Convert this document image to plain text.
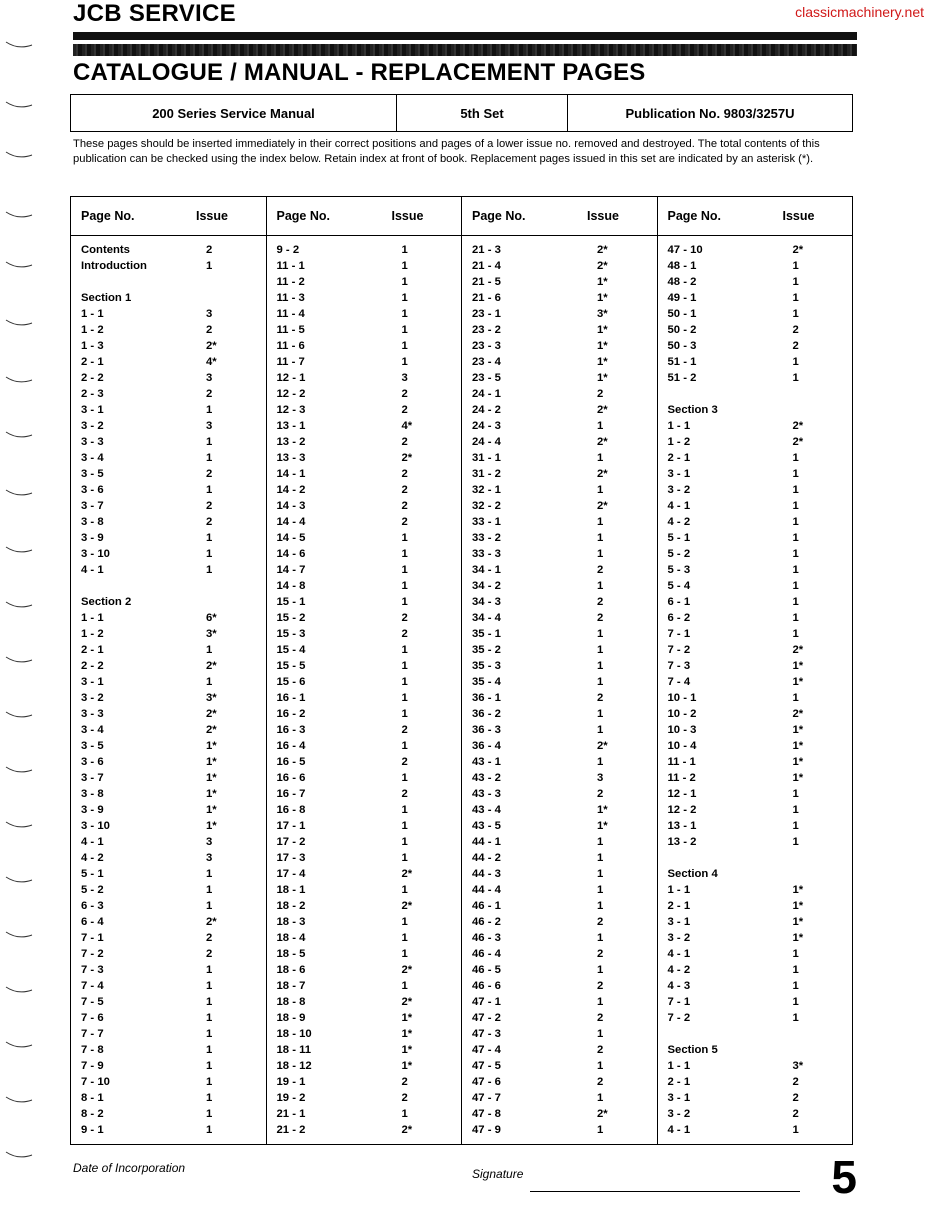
JCB SERVICE	classicmachinery.net
CATALOGUE / MANUAL - REPLACEMENT PAGES
200 Series Service Manual	5th Set	Publication No. 9803/3257U
These pages should be inserted immediately in their correct positions and pages of a lower issue no. removed and destroyed. The total contents of this publication can be checked using the index below. Retain index at front of book. Replacement pages issued in this set are indicated by an asterisk (*).
Page No.	Issue
Contents	2
Introduction	1
Section 1
1 - 1	3
1 - 2	2
1 - 3	2*
2 - 1	4*
2 - 2	3
2 - 3	2
3 - 1	1
3 - 2	3
3 - 3	1
3 - 4	1
3 - 5	2
3 - 6	1
3 - 7	2
3 - 8	2
3 - 9	1
3 - 10	1
4 - 1	1
Section 2
1 - 1	6*
1 - 2	3*
2 - 1	1
2 - 2	2*
3 - 1	1
3 - 2	3*
3 - 3	2*
3 - 4	2*
3 - 5	1*
3 - 6	1*
3 - 7	1*
3 - 8	1*
3 - 9	1*
3 - 10	1*
4 - 1	3
4 - 2	3
5 - 1	1
5 - 2	1
6 - 3	1
6 - 4	2*
7 - 1	2
7 - 2	2
7 - 3	1
7 - 4	1
7 - 5	1
7 - 6	1
7 - 7	1
7 - 8	1
7 - 9	1
7 - 10	1
8 - 1	1
8 - 2	1
9 - 1	1
Page No.	Issue
9 - 2	1
11 - 1	1
11 - 2	1
11 - 3	1
11 - 4	1
11 - 5	1
11 - 6	1
11 - 7	1
12 - 1	3
12 - 2	2
12 - 3	2
13 - 1	4*
13 - 2	2
13 - 3	2*
14 - 1	2
14 - 2	2
14 - 3	2
14 - 4	2
14 - 5	1
14 - 6	1
14 - 7	1
14 - 8	1
15 - 1	1
15 - 2	2
15 - 3	2
15 - 4	1
15 - 5	1
15 - 6	1
16 - 1	1
16 - 2	1
16 - 3	2
16 - 4	1
16 - 5	2
16 - 6	1
16 - 7	2
16 - 8	1
17 - 1	1
17 - 2	1
17 - 3	1
17 - 4	2*
18 - 1	1
18 - 2	2*
18 - 3	1
18 - 4	1
18 - 5	1
18 - 6	2*
18 - 7	1
18 - 8	2*
18 - 9	1*
18 - 10	1*
18 - 11	1*
18 - 12	1*
19 - 1	2
19 - 2	2
21 - 1	1
21 - 2	2*
Page No.	Issue
21 - 3	2*
21 - 4	2*
21 - 5	1*
21 - 6	1*
23 - 1	3*
23 - 2	1*
23 - 3	1*
23 - 4	1*
23 - 5	1*
24 - 1	2
24 - 2	2*
24 - 3	1
24 - 4	2*
31 - 1	1
31 - 2	2*
32 - 1	1
32 - 2	2*
33 - 1	1
33 - 2	1
33 - 3	1
34 - 1	2
34 - 2	1
34 - 3	2
34 - 4	2
35 - 1	1
35 - 2	1
35 - 3	1
35 - 4	1
36 - 1	2
36 - 2	1
36 - 3	1
36 - 4	2*
43 - 1	1
43 - 2	3
43 - 3	2
43 - 4	1*
43 - 5	1*
44 - 1	1
44 - 2	1
44 - 3	1
44 - 4	1
46 - 1	1
46 - 2	2
46 - 3	1
46 - 4	2
46 - 5	1
46 - 6	2
47 - 1	1
47 - 2	2
47 - 3	1
47 - 4	2
47 - 5	1
47 - 6	2
47 - 7	1
47 - 8	2*
47 - 9	1
Page No.	Issue
47 - 10	2*
48 - 1	1
48 - 2	1
49 - 1	1
50 - 1	1
50 - 2	2
50 - 3	2
51 - 1	1
51 - 2	1
Section 3
1 - 1	2*
1 - 2	2*
2 - 1	1
3 - 1	1
3 - 2	1
4 - 1	1
4 - 2	1
5 - 1	1
5 - 2	1
5 - 3	1
5 - 4	1
6 - 1	1
6 - 2	1
7 - 1	1
7 - 2	2*
7 - 3	1*
7 - 4	1*
10 - 1	1
10 - 2	2*
10 - 3	1*
10 - 4	1*
11 - 1	1*
11 - 2	1*
12 - 1	1
12 - 2	1
13 - 1	1
13 - 2	1
Section 4
1 - 1	1*
2 - 1	1*
3 - 1	1*
3 - 2	1*
4 - 1	1
4 - 2	1
4 - 3	1
7 - 1	1
7 - 2	1
Section 5
1 - 1	3*
2 - 1	2
3 - 1	2
3 - 2	2
4 - 1	1
Date of Incorporation	Signature	5
